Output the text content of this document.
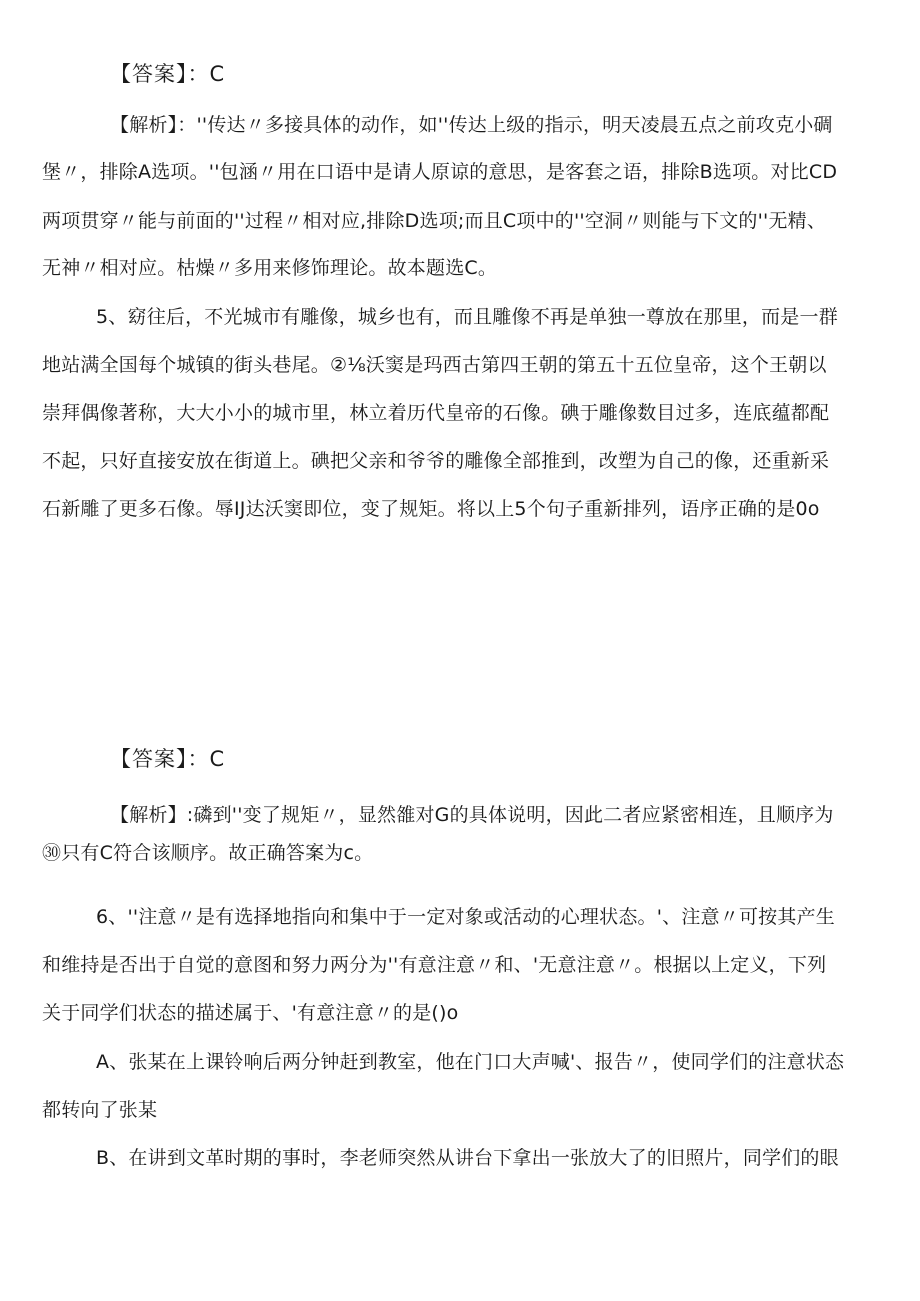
【答案】：C
【解析】：''传达〃多接具体的动作，如''传达上级的指示，明天凌晨五点之前攻克小碉
堡〃，排除A选项。''包涵〃用在口语中是请人原谅的意思，是客套之语，排除B选项。对比CD
两项贯穿〃能与前面的''过程〃相对应,排除D选项;而且C项中的''空洞〃则能与下文的''无精、
无神〃相对应。枯燥〃多用来修饰理论。故本题选C。
5、窈往后，不光城市有雕像，城乡也有，而且雕像不再是单独一尊放在那里，而是一群
地站满全国每个城镇的街头巷尾。②⅛沃窦是玛西古第四王朝的第五十五位皇帝，这个王朝以
崇拜偶像著称，大大小小的城市里，林立着历代皇帝的石像。碘于雕像数目过多，连底蕴都配
不起，只好直接安放在街道上。碘把父亲和爷爷的雕像全部推到，改塑为自己的像，还重新采
石新雕了更多石像。辱IJ达沃窦即位，变了规矩。将以上5个句子重新排列，语序正确的是0o
【答案】：C
【解析】:磷到''变了规矩〃，显然雒对G的具体说明，因此二者应紧密相连，且顺序为
㉚只有C符合该顺序。故正确答案为c。
6、''注意〃是有选择地指向和集中于一定对象或活动的心理状态。'、注意〃可按其产生
和维持是否出于自觉的意图和努力两分为''有意注意〃和、'无意注意〃。根据以上定义，下列
关于同学们状态的描述属于、'有意注意〃的是()o
A、张某在上课铃响后两分钟赶到教室，他在门口大声喊'、报告〃，使同学们的注意状态
都转向了张某
B、在讲到文革时期的事时，李老师突然从讲台下拿出一张放大了的旧照片，同学们的眼
